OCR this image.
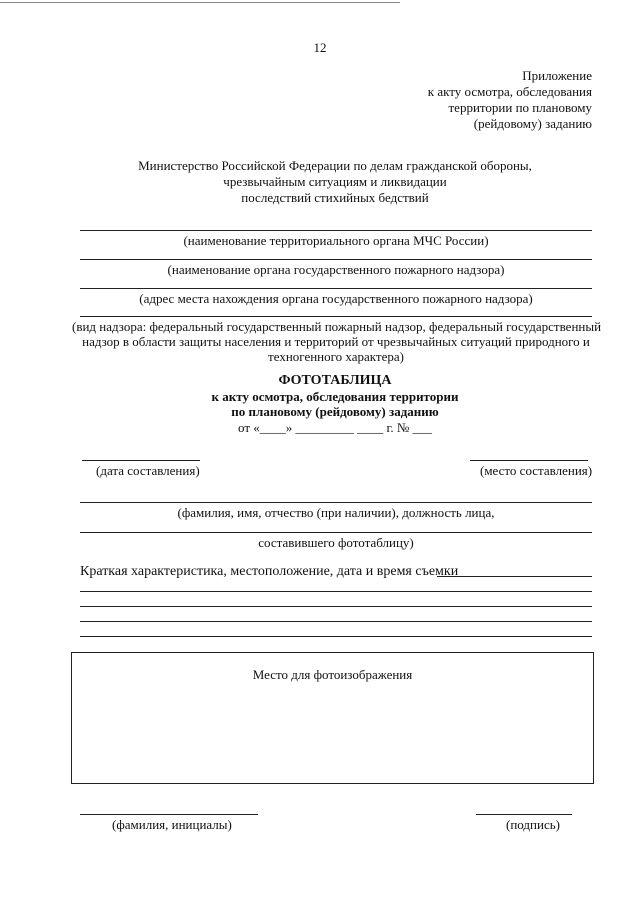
12
Приложение
к акту осмотра, обследования
территории по плановому
(рейдовому) заданию
Министерство Российской Федерации по делам гражданской обороны,
чрезвычайным ситуациям и ликвидации
последствий стихийных бедствий
(наименование территориального органа МЧС России)
(наименование органа государственного пожарного надзора)
(адрес места нахождения органа государственного пожарного надзора)
(вид надзора: федеральный государственный пожарный надзор, федеральный государственный
надзор в области защиты населения и территорий от чрезвычайных ситуаций природного и
техногенного характера)
ФОТОТАБЛИЦА
к акту осмотра, обследования территории
по плановому (рейдовому) заданию
от «____» _________ ____ г. № ___
(дата составления)	(место составления)
(фамилия, имя, отчество (при наличии), должность лица,
составившего фототаблицу)
Краткая характеристика, местоположение, дата и время съемки
Место для фотоизображения
(фамилия, инициалы)	(подпись)
